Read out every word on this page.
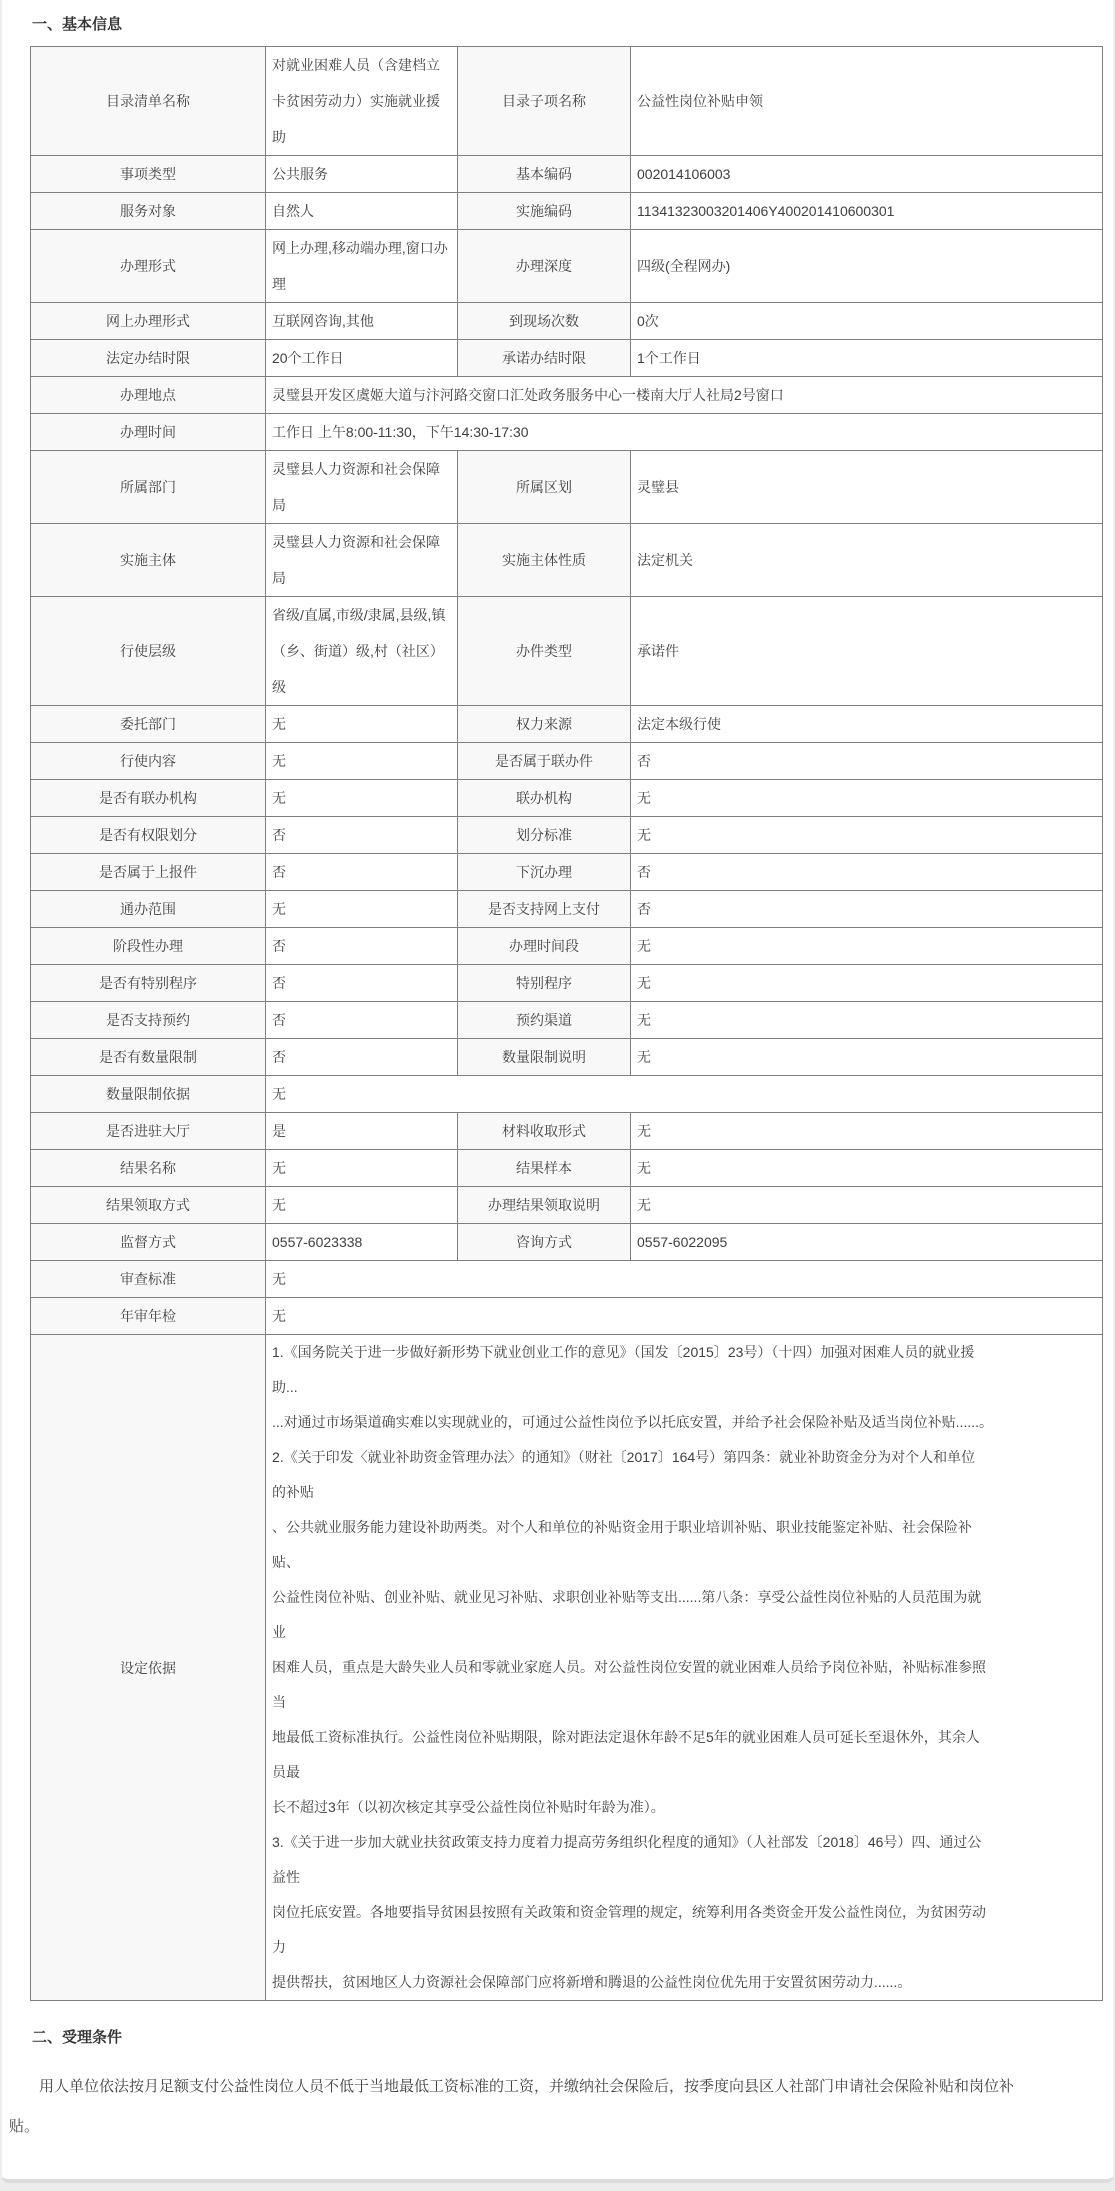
一、基本信息
目录清单名称	对就业困难人员（含建档立卡贫困劳动力）实施就业援助	目录子项名称	公益性岗位补贴申领
事项类型	公共服务	基本编码	002014106003
服务对象	自然人	实施编码	11341323003201406Y400201410600301
办理形式	网上办理,移动端办理,窗口办理	办理深度	四级(全程网办)
网上办理形式	互联网咨询,其他	到现场次数	0次
法定办结时限	20个工作日	承诺办结时限	1个工作日
办理地点	灵璧县开发区虞姬大道与汴河路交窗口汇处政务服务中心一楼南大厅人社局2号窗口		
办理时间	工作日 上午8:00-11:30，下午14:30-17:30		
所属部门	灵璧县人力资源和社会保障局	所属区划	灵璧县
实施主体	灵璧县人力资源和社会保障局	实施主体性质	法定机关
行使层级	省级/直属,市级/隶属,县级,镇（乡、街道）级,村（社区）级	办件类型	承诺件
委托部门	无	权力来源	法定本级行使
行使内容	无	是否属于联办件	否
是否有联办机构	无	联办机构	无
是否有权限划分	否	划分标准	无
是否属于上报件	否	下沉办理	否
通办范围	无	是否支持网上支付	否
阶段性办理	否	办理时间段	无
是否有特别程序	否	特别程序	无
是否支持预约	否	预约渠道	无
是否有数量限制	否	数量限制说明	无
数量限制依据	无		
是否进驻大厅	是	材料收取形式	无
结果名称	无	结果样本	无
结果领取方式	无	办理结果领取说明	无
监督方式	0557-6023338	咨询方式	0557-6022095
审查标准	无		
年审年检	无		
设定依据	
1.《国务院关于进一步做好新形势下就业创业工作的意见》（国发〔2015〕23号）（十四）加强对困难人员的就业援
助...
...对通过市场渠道确实难以实现就业的，可通过公益性岗位予以托底安置，并给予社会保险补贴及适当岗位补贴......。
2.《关于印发〈就业补助资金管理办法〉的通知》（财社〔2017〕164号）第四条：就业补助资金分为对个人和单位
的补贴
、公共就业服务能力建设补助两类。对个人和单位的补贴资金用于职业培训补贴、职业技能鉴定补贴、社会保险补
贴、
公益性岗位补贴、创业补贴、就业见习补贴、求职创业补贴等支出......第八条：享受公益性岗位补贴的人员范围为就
业
困难人员，重点是大龄失业人员和零就业家庭人员。对公益性岗位安置的就业困难人员给予岗位补贴，补贴标准参照
当
地最低工资标准执行。公益性岗位补贴期限，除对距法定退休年龄不足5年的就业困难人员可延长至退休外，其余人
员最
长不超过3年（以初次核定其享受公益性岗位补贴时年龄为准）。
3.《关于进一步加大就业扶贫政策支持力度着力提高劳务组织化程度的通知》（人社部发〔2018〕46号）四、通过公
益性
岗位托底安置。各地要指导贫困县按照有关政策和资金管理的规定，统筹利用各类资金开发公益性岗位，为贫困劳动
力
提供帮扶，贫困地区人力资源社会保障部门应将新增和腾退的公益性岗位优先用于安置贫困劳动力......。
二、受理条件

用人单位依法按月足额支付公益性岗位人员不低于当地最低工资标准的工资，并缴纳社会保险后，按季度向县区人社部门申请社会保险补贴和岗位补贴。
